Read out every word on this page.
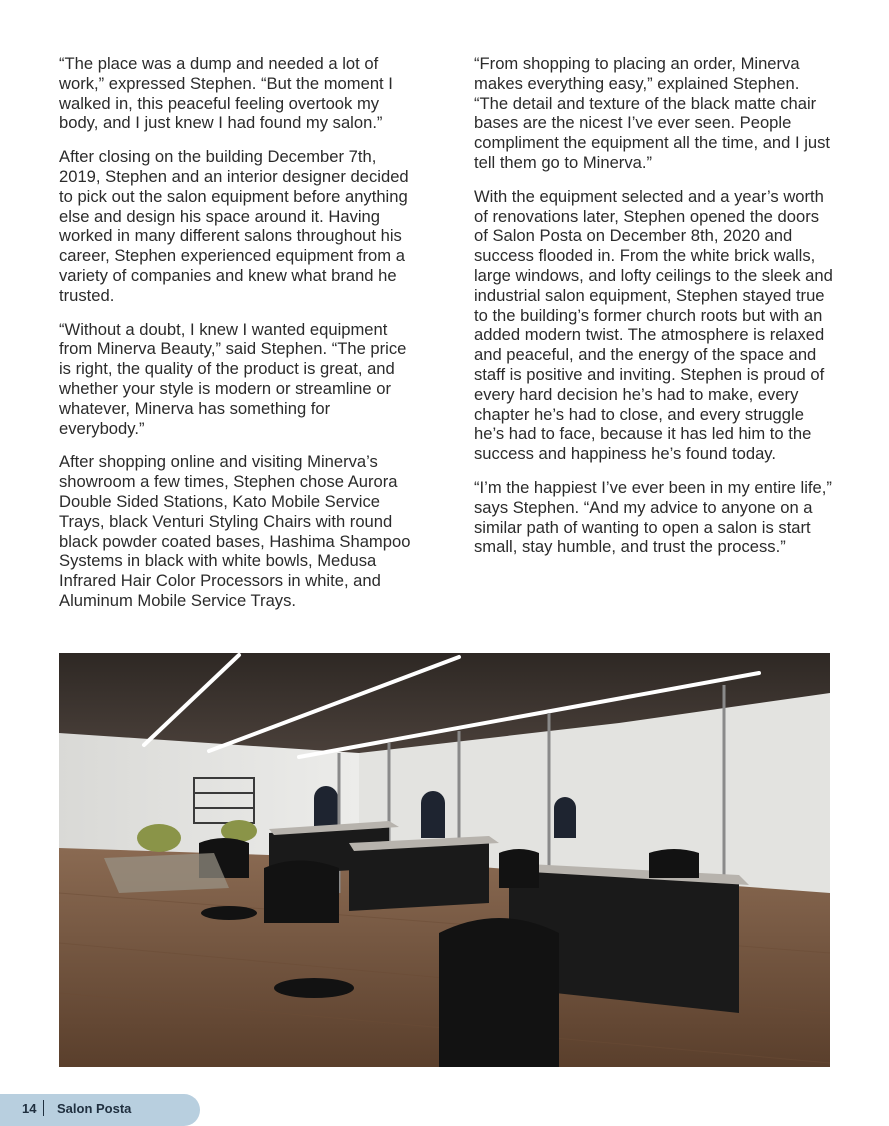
“The place was a dump and needed a lot of work,” expressed Stephen. “But the moment I walked in, this peaceful feeling overtook my body, and I just knew I had found my salon.”

After closing on the building December 7th, 2019, Stephen and an interior designer decided to pick out the salon equipment before anything else and design his space around it. Having worked in many different salons throughout his career, Stephen experienced equipment from a variety of companies and knew what brand he trusted.

“Without a doubt, I knew I wanted equipment from Minerva Beauty,” said Stephen. “The price is right, the quality of the product is great, and whether your style is modern or streamline or whatever, Minerva has something for everybody.”

After shopping online and visiting Minerva’s showroom a few times, Stephen chose Aurora Double Sided Stations, Kato Mobile Service Trays, black Venturi Styling Chairs with round black powder coated bases, Hashima Shampoo Systems in black with white bowls, Medusa Infrared Hair Color Processors in white, and Aluminum Mobile Service Trays.

“From shopping to placing an order, Minerva makes everything easy,” explained Stephen. “The detail and texture of the black matte chair bases are the nicest I’ve ever seen. People compliment the equipment all the time, and I just tell them go to Minerva.”

With the equipment selected and a year’s worth of renovations later, Stephen opened the doors of Salon Posta on December 8th, 2020 and success flooded in. From the white brick walls, large windows, and lofty ceilings to the sleek and industrial salon equipment, Stephen stayed true to the building’s former church roots but with an added modern twist. The atmosphere is relaxed and peaceful, and the energy of the space and staff is positive and inviting. Stephen is proud of every hard decision he’s had to make, every chapter he’s had to close, and every struggle he’s had to face, because it has led him to the success and happiness he’s found today.

“I’m the happiest I’ve ever been in my entire life,” says Stephen. “And my advice to anyone on a similar path of wanting to open a salon is start small, stay humble, and trust the process.”

14 Salon Posta
